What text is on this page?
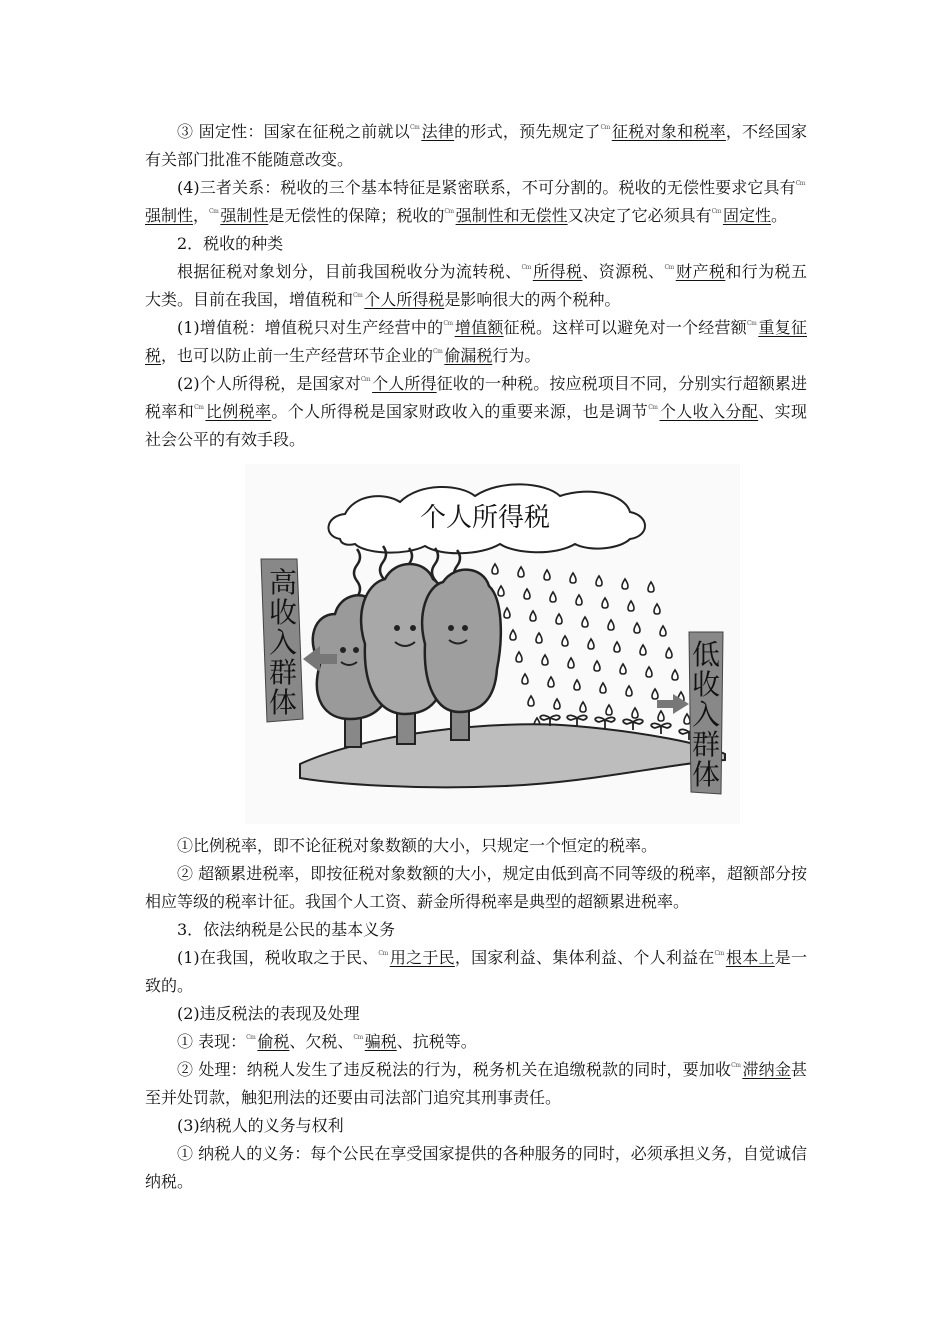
③ 固定性：国家在征税之前就以$^{Cm}$ 法律的形式，预先规定了$^{Cm}$ 征税对象和税率，不经国家有关部门批准不能随意改变。

(4)三者关系：税收的三个基本特征是紧密联系，不可分割的。税收的无偿性要求它具有$^{Cm}$强制性，$^{Cm}$ 强制性是无偿性的保障；税收的$^{Cm}$ 强制性和无偿性又决定了它必须具有$^{Cm}$ 固定性。

2．税收的种类

根据征税对象划分，目前我国税收分为流转税、$^{Cm}$ 所得税、资源税、$^{Cm}$ 财产税和行为税五大类。目前在我国，增值税和$^{Cm}$ 个人所得税是影响很大的两个税种。

(1)增值税：增值税只对生产经营中的$^{Cm}$ 增值额征税。这样可以避免对一个经营额$^{Cm}$ 重复征税，也可以防止前一生产经营环节企业的$^{Cm}$ 偷漏税行为。

(2)个人所得税，是国家对$^{Cm}$ 个人所得征收的一种税。按应税项目不同，分别实行超额累进税率和$^{Cm}$ 比例税率。个人所得税是国家财政收入的重要来源，也是调节$^{Cm}$ 个人收入分配、实现社会公平的有效手段。

个人所得税
高
收
入
群
体
低
收
入
群
体

①比例税率，即不论征税对象数额的大小，只规定一个恒定的税率。

② 超额累进税率，即按征税对象数额的大小，规定由低到高不同等级的税率，超额部分按相应等级的税率计征。我国个人工资、薪金所得税率是典型的超额累进税率。

3．依法纳税是公民的基本义务

(1)在我国，税收取之于民、$^{Cm}$ 用之于民，国家利益、集体利益、个人利益在$^{Cm}$ 根本上是一致的。

(2)违反税法的表现及处理

① 表现：$^{Cm}$ 偷税、欠税、$^{Cm}$ 骗税、抗税等。

② 处理：纳税人发生了违反税法的行为，税务机关在追缴税款的同时，要加收$^{Cm}$ 滞纳金甚至并处罚款，触犯刑法的还要由司法部门追究其刑事责任。

(3)纳税人的义务与权利

① 纳税人的义务：每个公民在享受国家提供的各种服务的同时，必须承担义务，自觉诚信纳税。
